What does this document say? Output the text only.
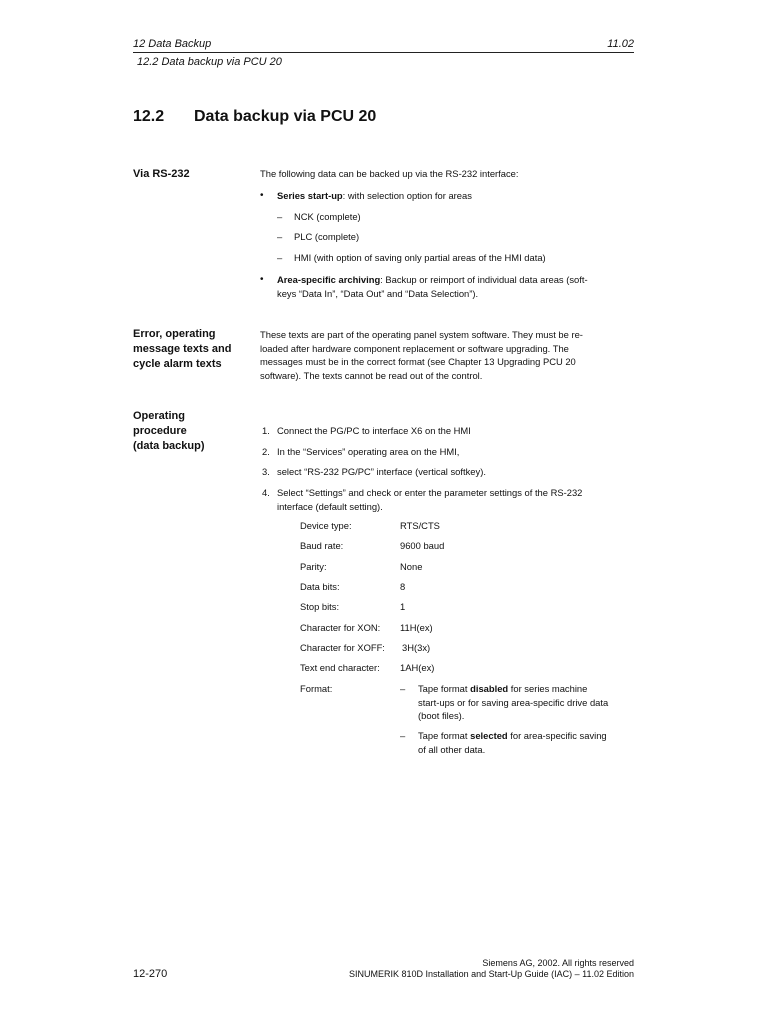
12 Data Backup	11.02
12.2 Data backup via PCU 20
12.2 Data backup via PCU 20
Via RS-232	The following data can be backed up via the RS-232 interface:
• Series start-up: with selection option for areas
– NCK (complete)
– PLC (complete)
– HMI (with option of saving only partial areas of the HMI data)
• Area-specific archiving: Backup or reimport of individual data areas (soft-
keys “Data In”, “Data Out” and “Data Selection”).
Error, operating
message texts and
cycle alarm texts
These texts are part of the operating panel system software. They must be re-
loaded after hardware component replacement or software upgrading. The
messages must be in the correct format (see Chapter 13 Upgrading PCU 20
software). The texts cannot be read out of the control.
Operating
procedure
(data backup)
1. Connect the PG/PC to interface X6 on the HMI
2. In the “Services” operating area on the HMI,
3. select “RS-232 PG/PC” interface (vertical softkey).
4. Select “Settings” and check or enter the parameter settings of the RS-232
interface (default setting).
Device type:	RTS/CTS
Baud rate:	9600 baud
Parity:	None
Data bits:	8
Stop bits:	1
Character for XON: 11H(ex)
Character for XOFF: 3H(3x)
Text end character: 1AH(ex)
Format:	– Tape format disabled for series machine
start-ups or for saving area-specific drive data
(boot files).
– Tape format selected for area-specific saving
of all other data.
12-270
Siemens AG, 2002. All rights reserved
SINUMERIK 810D Installation and Start-Up Guide (IAC) – 11.02 Edition
